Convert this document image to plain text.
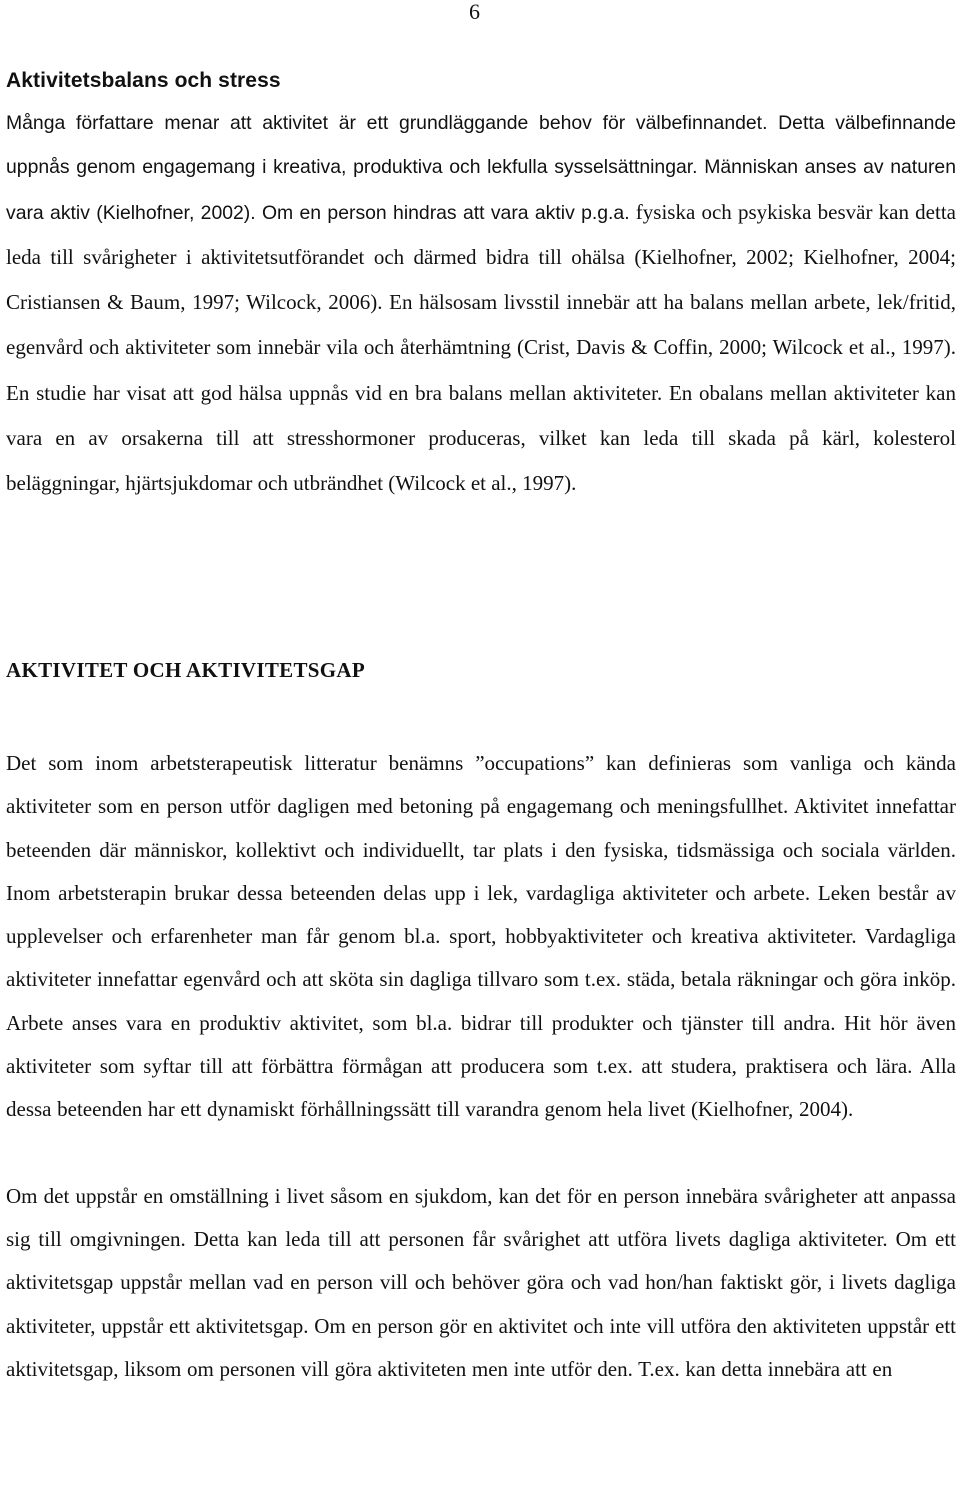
6
Aktivitetsbalans och stress

Många författare menar att aktivitet är ett grundläggande behov för välbefinnandet. Detta välbefinnande uppnås genom engagemang i kreativa, produktiva och lekfulla sysselsättningar. Människan anses av naturen vara aktiv (Kielhofner, 2002). Om en person hindras att vara aktiv p.g.a. fysiska och psykiska besvär kan detta leda till svårigheter i aktivitetsutförandet och därmed bidra till ohälsa (Kielhofner, 2002; Kielhofner, 2004; Cristiansen & Baum, 1997; Wilcock, 2006). En hälsosam livsstil innebär att ha balans mellan arbete, lek/fritid, egenvård och aktiviteter som innebär vila och återhämtning (Crist, Davis & Coffin, 2000; Wilcock et al., 1997). En studie har visat att god hälsa uppnås vid en bra balans mellan aktiviteter. En obalans mellan aktiviteter kan vara en av orsakerna till att stresshormoner produceras, vilket kan leda till skada på kärl, kolesterol beläggningar, hjärtsjukdomar och utbrändhet (Wilcock et al., 1997).

AKTIVITET OCH AKTIVITETSGAP

Det som inom arbetsterapeutisk litteratur benämns ”occupations” kan definieras som vanliga och kända aktiviteter som en person utför dagligen med betoning på engagemang och meningsfullhet. Aktivitet innefattar beteenden där människor, kollektivt och individuellt, tar plats i den fysiska, tidsmässiga och sociala världen. Inom arbetsterapin brukar dessa beteenden delas upp i lek, vardagliga aktiviteter och arbete. Leken består av upplevelser och erfarenheter man får genom bl.a. sport, hobbyaktiviteter och kreativa aktiviteter. Vardagliga aktiviteter innefattar egenvård och att sköta sin dagliga tillvaro som t.ex. städa, betala räkningar och göra inköp. Arbete anses vara en produktiv aktivitet, som bl.a. bidrar till produkter och tjänster till andra. Hit hör även aktiviteter som syftar till att förbättra förmågan att producera som t.ex. att studera, praktisera och lära. Alla dessa beteenden har ett dynamiskt förhållningssätt till varandra genom hela livet (Kielhofner, 2004).

Om det uppstår en omställning i livet såsom en sjukdom, kan det för en person innebära svårigheter att anpassa sig till omgivningen. Detta kan leda till att personen får svårighet att utföra livets dagliga aktiviteter. Om ett aktivitetsgap uppstår mellan vad en person vill och behöver göra och vad hon/han faktiskt gör, i livets dagliga aktiviteter, uppstår ett aktivitetsgap. Om en person gör en aktivitet och inte vill utföra den aktiviteten uppstår ett aktivitetsgap, liksom om personen vill göra aktiviteten men inte utför den. T.ex. kan detta innebära att en
